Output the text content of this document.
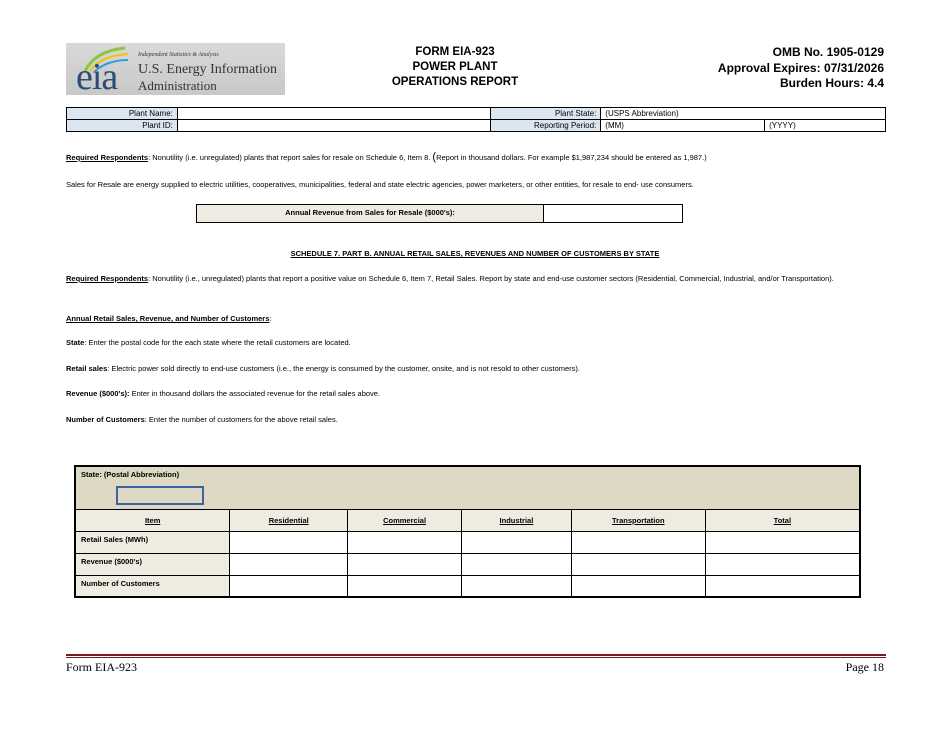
eia
Independent Statistics & Analysis
U.S. Energy Information
Administration
FORM EIA-923
POWER PLANT
OPERATIONS REPORT
OMB No. 1905-0129
Approval Expires: 07/31/2026
Burden Hours: 4.4
Plant Name:		Plant State:	(USPS Abbreviation)	
Plant ID:		Reporting Period:	(MM)	(YYYY)
Required Respondents: Nonutility (i.e. unregulated) plants that report sales for resale on Schedule 6, Item 8. (Report in thousand dollars. For example $1,987,234 should be entered as 1,987.)
Sales for Resale are energy supplied to electric utilities, cooperatives, municipalities, federal and state electric agencies, power marketers, or other entities, for resale to end- use consumers.
Annual Revenue from Sales for Resale ($000's):
SCHEDULE 7. PART B. ANNUAL RETAIL SALES, REVENUES AND NUMBER OF CUSTOMERS BY STATE
Required Respondents: Nonutility (i.e., unregulated) plants that report a positive value on Schedule 6, Item 7, Retail Sales. Report by state and end-use customer sectors (Residential, Commercial, Industrial, and/or Transportation).
Annual Retail Sales, Revenue, and Number of Customers:
State: Enter the postal code for the each state where the retail customers are located.
Retail sales: Electric power sold directly to end-use customers (i.e., the energy is consumed by the customer, onsite, and is not resold to other customers).
Revenue ($000's): Enter in thousand dollars the associated revenue for the retail sales above.
Number of Customers: Enter the number of customers for the above retail sales.
State: (Postal Abbreviation)					

Item	Residential	Commercial	Industrial	Transportation	Total
Retail Sales (MWh)					
Revenue ($000's)					
Number of Customers					
Form EIA-923	Page 18
